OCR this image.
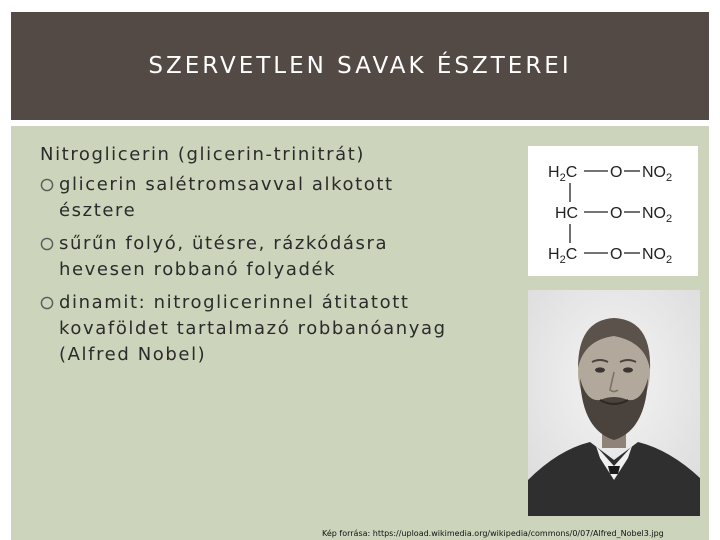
SZERVETLEN SAVAK ÉSZTEREI
Nitroglicerin (glicerin-trinitrát)
glicerin salétromsavval alkotott
észtere
sűrűn folyó, ütésre, rázkódásra
hevesen robbanó folyadék
dinamit: nitroglicerinnel átitatott
kovaföldet tartalmazó robbanóanyag
(Alfred Nobel)
$H_2C$ O $NO_2$
HC O $NO_2$
$H_2C$ O $NO_2$
Kép forrása: https://upload.wikimedia.org/wikipedia/commons/0/07/Alfred_Nobel3.jpg
